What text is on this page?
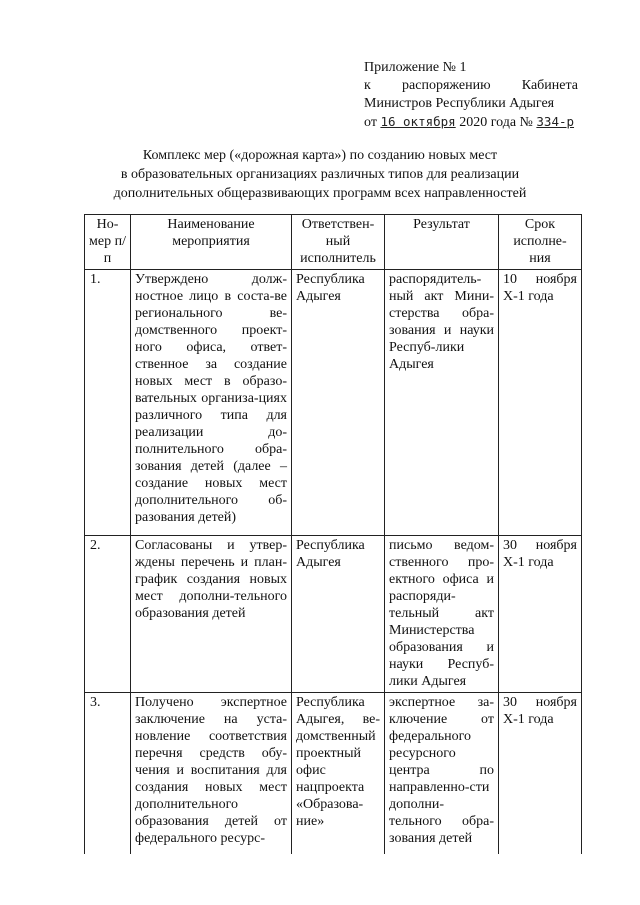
Приложение № 1
к распоряжению Кабинета
Министров Республики Адыгея
от 16 октября 2020 года № 334-р
Комплекс мер («дорожная карта») по созданию новых мест
в образовательных организациях различных типов для реализации
дополнительных общеразвивающих программ всех направленностей
Но-мер п/п	Наименование мероприятия	Ответствен-ный исполнитель	Результат	Срок исполне-ния
1.	Утверждено долж-ностное лицо в соста-ве регионального ве-домственного проект-ного офиса, ответ-ственное за создание новых мест в образо-вательных организа-циях различного типа для реализации до-полнительного обра-зования детей (далее – создание новых мест дополнительного об-разования детей)	Республика Адыгея	распорядитель-ный акт Мини-стерства обра-зования и науки Респуб-лики Адыгея	10 ноября Х-1 года
2.	Согласованы и утвер-ждены перечень и план-график создания новых мест дополни-тельного образования детей	Республика Адыгея	письмо ведом-ственного про-ектного офиса и распоряди-тельный акт Министерства образования и науки Респуб-лики Адыгея	30 ноября Х-1 года
3.	Получено экспертное заключение на уста-новление соответствия перечня средств обу-чения и воспитания для создания новых мест дополнительного образования детей от федерального ресурс-	Республика Адыгея, ве-домственный проектный офис нацпроекта «Образова-ние»	экспертное за-ключение от федерального ресурсного центра по направленно-сти дополни-тельного обра-зования детей	30 ноября Х-1 года
